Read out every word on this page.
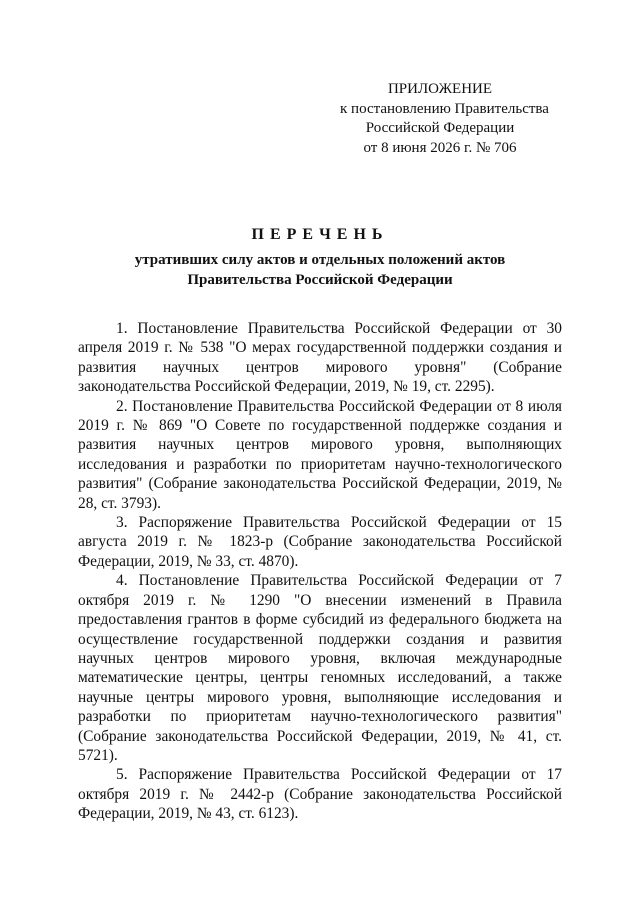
ПРИЛОЖЕНИЕ
к постановлению Правительства
Российской Федерации
от 8 июня 2026 г. № 706
ПЕРЕЧЕНЬ
утративших силу актов и отдельных положений актов
Правительства Российской Федерации

1. Постановление Правительства Российской Федерации от 30 апреля 2019 г. № 538 "О мерах государственной поддержки создания и развития научных центров мирового уровня" (Собрание законодательства Российской Федерации, 2019, № 19, ст. 2295).

2. Постановление Правительства Российской Федерации от 8 июля 2019 г. № 869 "О Совете по государственной поддержке создания и развития научных центров мирового уровня, выполняющих исследования и разработки по приоритетам научно-технологического развития" (Собрание законодательства Российской Федерации, 2019, № 28, ст. 3793).

3. Распоряжение Правительства Российской Федерации от 15 августа 2019 г. № 1823-р (Собрание законодательства Российской Федерации, 2019, № 33, ст. 4870).

4. Постановление Правительства Российской Федерации от 7 октября 2019 г. № 1290 "О внесении изменений в Правила предоставления грантов в форме субсидий из федерального бюджета на осуществление государственной поддержки создания и развития научных центров мирового уровня, включая международные математические центры, центры геномных исследований, а также научные центры мирового уровня, выполняющие исследования и разработки по приоритетам научно-технологического развития" (Собрание законодательства Российской Федерации, 2019, № 41, ст. 5721).

5. Распоряжение Правительства Российской Федерации от 17 октября 2019 г. № 2442-р (Собрание законодательства Российской Федерации, 2019, № 43, ст. 6123).
